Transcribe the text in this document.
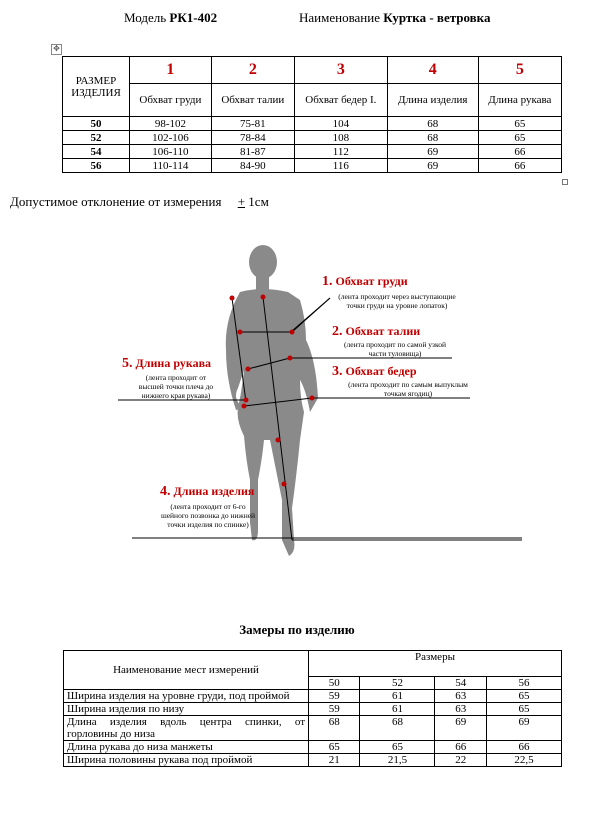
Модель РК1-402	Наименование Куртка - ветровка
✥
РАЗМЕР ИЗДЕЛИЯ	1	2	3	4	5
	Обхват груди	Обхват талии	Обхват бедер I.	Длина изделия	Длина рукава
50	98-102	75-81	104	68	65
52	102-106	78-84	108	68	65
54	106-110	81-87	112	69	66
56	110-114	84-90	116	69	66
Допустимое отклонение от измерения + 1см
1. Обхват груди
(лента проходит через выступающие
точки груди на уровне лопаток)
2. Обхват талии
(лента проходит по самой узкой
части туловища)
3. Обхват бедер
(лента проходит по самым выпуклым
точкам ягодиц)
5. Длина рукава
(лента проходит от
высшей точки плеча до
нижнего края рукава)
4. Длина изделия
(лента проходит от 6-го
шейного позвонка до нижней
точки изделия по спинке)
Замеры по изделию
Наименование мест измерений	Размеры			
	50	52	54	56
Ширина изделия на уровне груди, под проймой	59	61	63	65
Ширина изделия по низу	59	61	63	65
Длина изделия вдоль центра спинки, от горловины до низа	68	68	69	69
Длина рукава до низа манжеты	65	65	66	66
Ширина половины рукава под проймой	21	21,5	22	22,5
